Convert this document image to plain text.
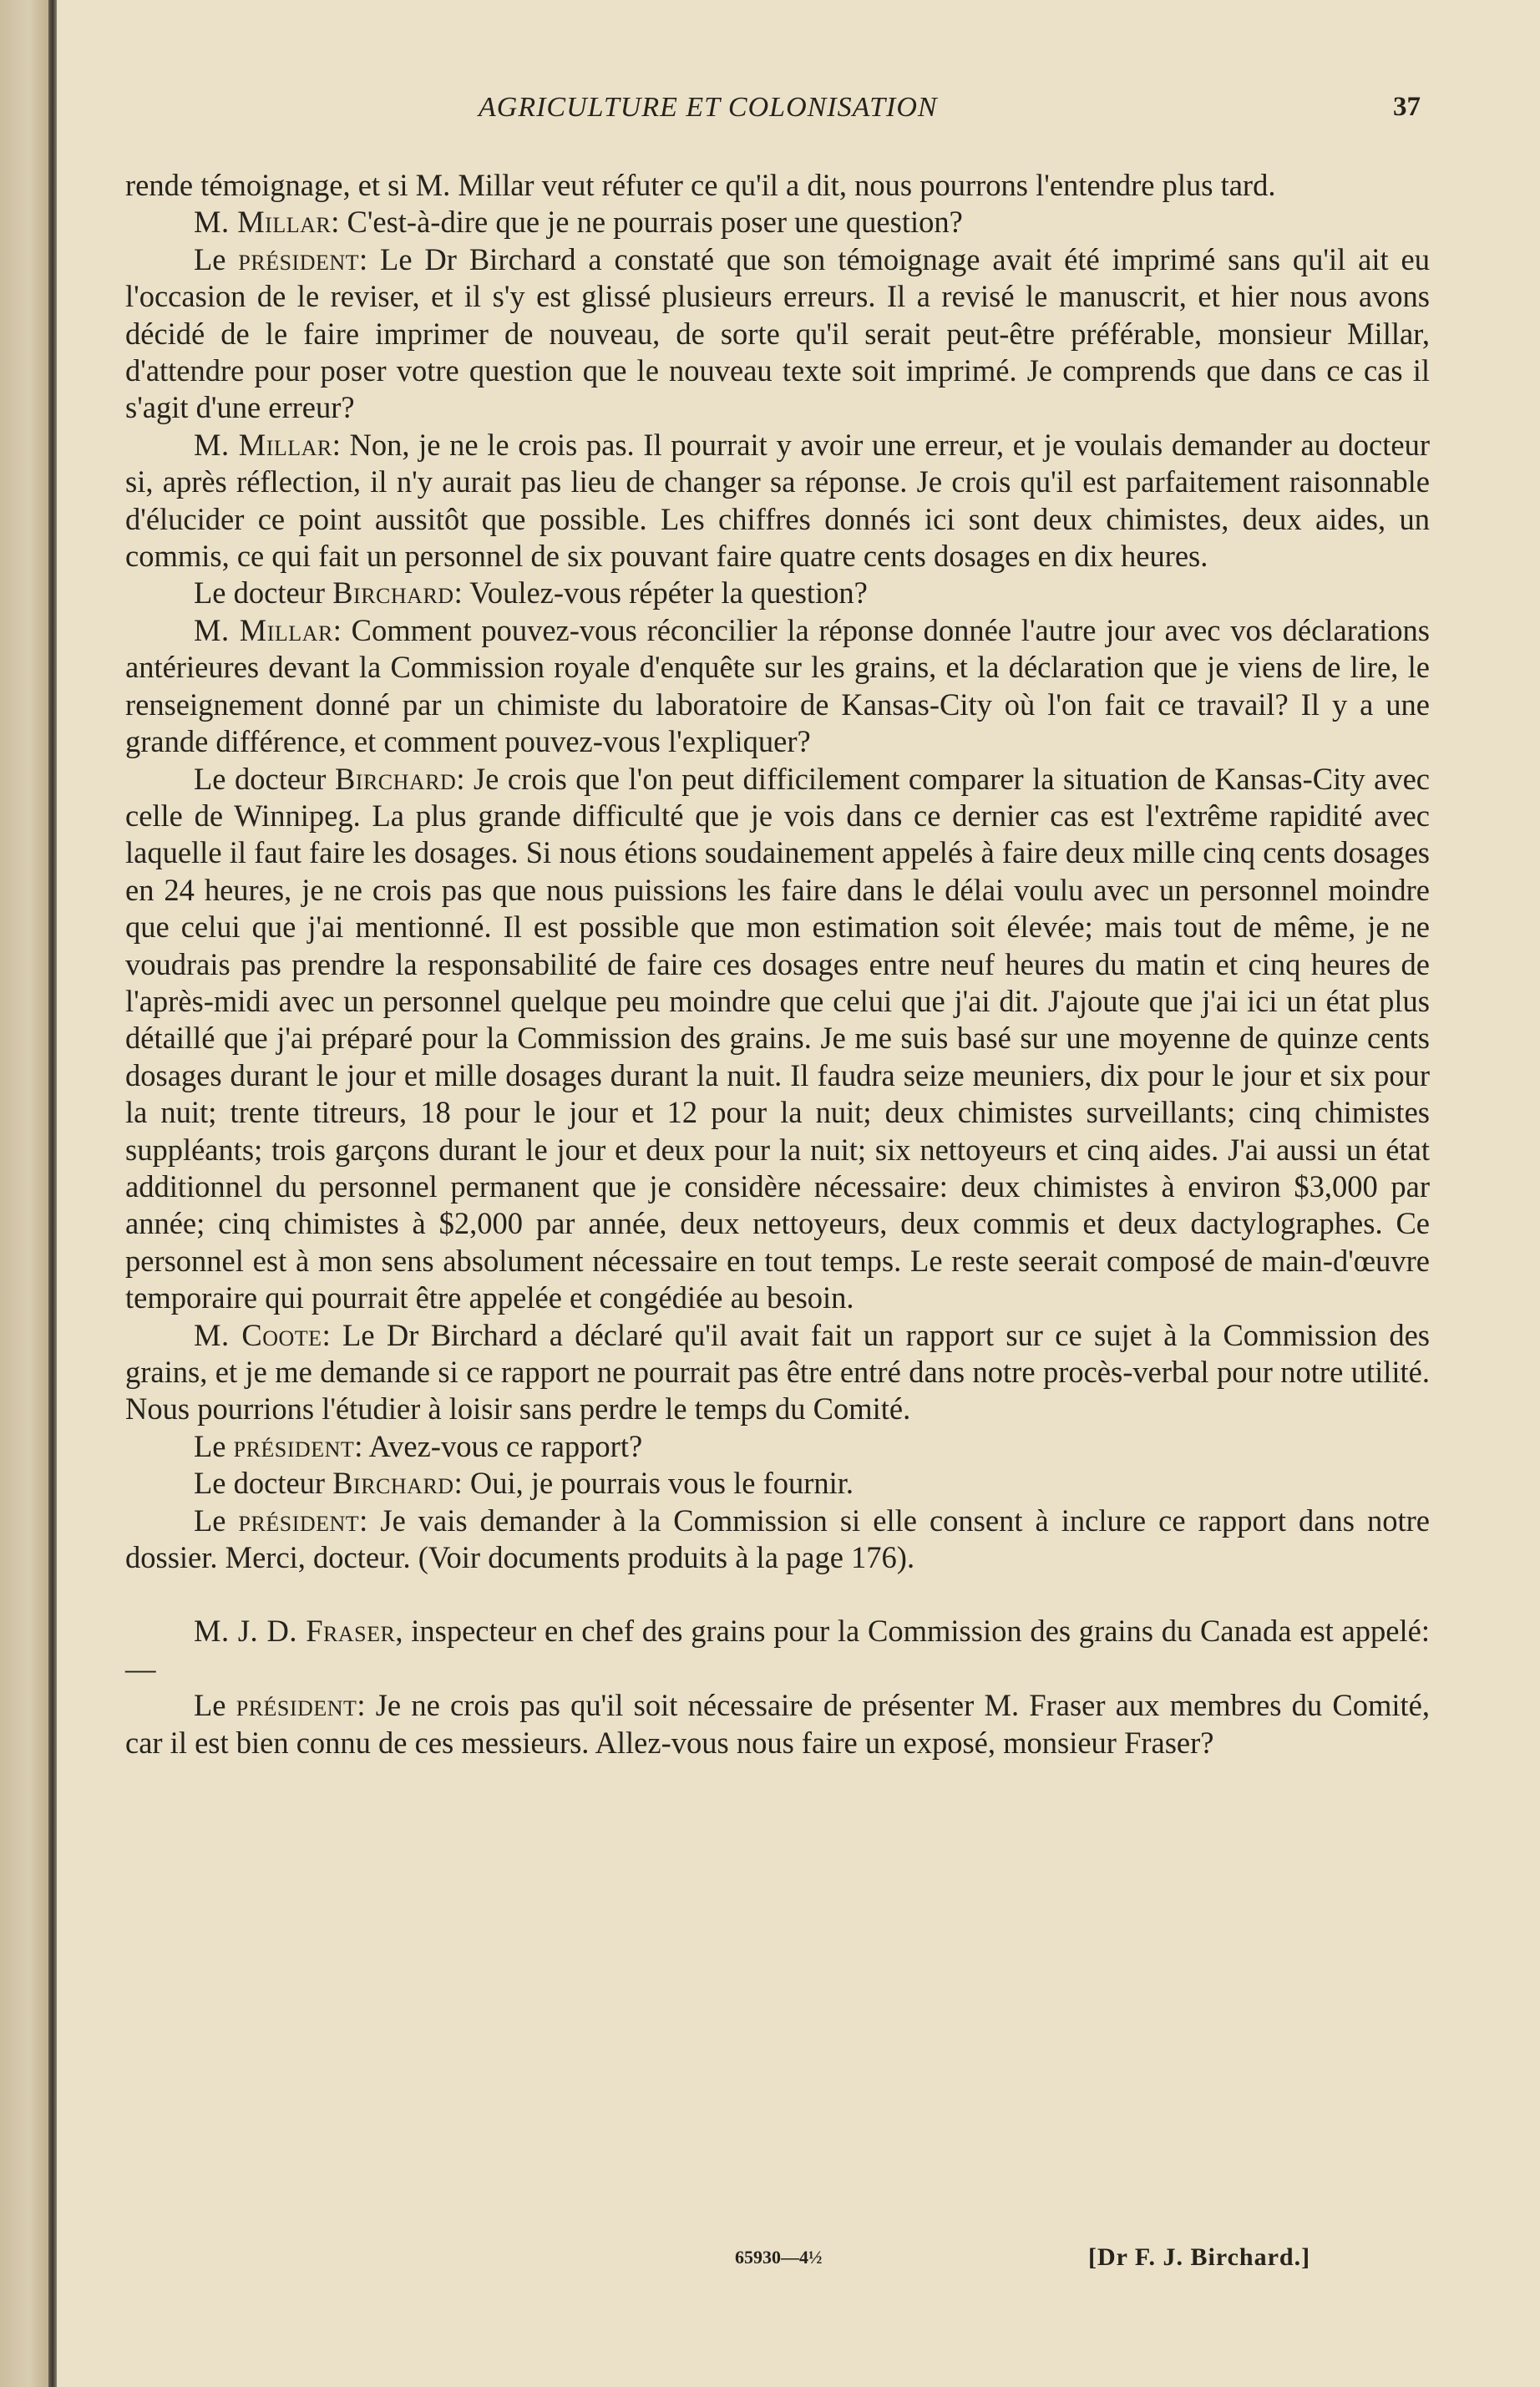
AGRICULTURE ET COLONISATION	37

rende témoignage, et si M. Millar veut réfuter ce qu'il a dit, nous pourrons l'entendre plus tard.

M. Millar: C'est-à-dire que je ne pourrais poser une question?

Le président: Le Dr Birchard a constaté que son témoignage avait été imprimé sans qu'il ait eu l'occasion de le reviser, et il s'y est glissé plusieurs erreurs. Il a revisé le manuscrit, et hier nous avons décidé de le faire imprimer de nouveau, de sorte qu'il serait peut-être préférable, monsieur Millar, d'attendre pour poser votre question que le nouveau texte soit imprimé. Je comprends que dans ce cas il s'agit d'une erreur?

M. Millar: Non, je ne le crois pas. Il pourrait y avoir une erreur, et je voulais demander au docteur si, après réflection, il n'y aurait pas lieu de changer sa réponse. Je crois qu'il est parfaitement raisonnable d'élucider ce point aussitôt que possible. Les chiffres donnés ici sont deux chimistes, deux aides, un commis, ce qui fait un personnel de six pouvant faire quatre cents dosages en dix heures.

Le docteur Birchard: Voulez-vous répéter la question?

M. Millar: Comment pouvez-vous réconcilier la réponse donnée l'autre jour avec vos déclarations antérieures devant la Commission royale d'enquête sur les grains, et la déclaration que je viens de lire, le renseignement donné par un chimiste du laboratoire de Kansas-City où l'on fait ce travail? Il y a une grande différence, et comment pouvez-vous l'expliquer?

Le docteur Birchard: Je crois que l'on peut difficilement comparer la situation de Kansas-City avec celle de Winnipeg. La plus grande difficulté que je vois dans ce dernier cas est l'extrême rapidité avec laquelle il faut faire les dosages. Si nous étions soudainement appelés à faire deux mille cinq cents dosages en 24 heures, je ne crois pas que nous puissions les faire dans le délai voulu avec un personnel moindre que celui que j'ai mentionné. Il est possible que mon estimation soit élevée; mais tout de même, je ne voudrais pas prendre la responsabilité de faire ces dosages entre neuf heures du matin et cinq heures de l'après-midi avec un personnel quelque peu moindre que celui que j'ai dit. J'ajoute que j'ai ici un état plus détaillé que j'ai préparé pour la Commission des grains. Je me suis basé sur une moyenne de quinze cents dosages durant le jour et mille dosages durant la nuit. Il faudra seize meuniers, dix pour le jour et six pour la nuit; trente titreurs, 18 pour le jour et 12 pour la nuit; deux chimistes surveillants; cinq chimistes suppléants; trois garçons durant le jour et deux pour la nuit; six nettoyeurs et cinq aides. J'ai aussi un état additionnel du personnel permanent que je considère nécessaire: deux chimistes à environ $3,000 par année; cinq chimistes à $2,000 par année, deux nettoyeurs, deux commis et deux dactylographes. Ce personnel est à mon sens absolument nécessaire en tout temps. Le reste seerait composé de main-d'œuvre temporaire qui pourrait être appelée et congédiée au besoin.

M. Coote: Le Dr Birchard a déclaré qu'il avait fait un rapport sur ce sujet à la Commission des grains, et je me demande si ce rapport ne pourrait pas être entré dans notre procès-verbal pour notre utilité. Nous pourrions l'étudier à loisir sans perdre le temps du Comité.

Le président: Avez-vous ce rapport?

Le docteur Birchard: Oui, je pourrais vous le fournir.

Le président: Je vais demander à la Commission si elle consent à inclure ce rapport dans notre dossier. Merci, docteur. (Voir documents produits à la page 176).

M. J. D. Fraser, inspecteur en chef des grains pour la Commission des grains du Canada est appelé:—

Le président: Je ne crois pas qu'il soit nécessaire de présenter M. Fraser aux membres du Comité, car il est bien connu de ces messieurs. Allez-vous nous faire un exposé, monsieur Fraser?

65930—4½	[Dr F. J. Birchard.]
